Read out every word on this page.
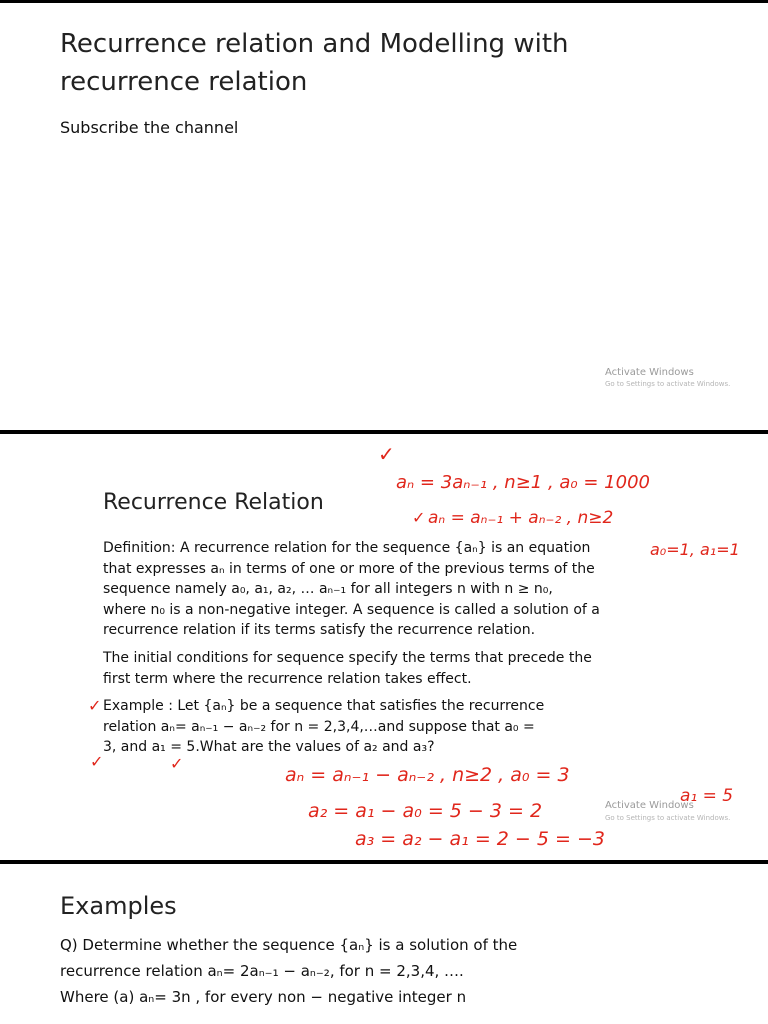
Recurrence relation and Modelling with
recurrence relation
Subscribe the channel
Activate Windows
Go to Settings to activate Windows.
✓
aₙ = 3aₙ₋₁ , n≥1 , a₀ = 1000
✓ aₙ = aₙ₋₁ + aₙ₋₂ , n≥2
a₀=1, a₁=1
Recurrence Relation
Definition: A recurrence relation for the sequence {aₙ} is an equation
that expresses aₙ in terms of one or more of the previous terms of the
sequence namely a₀, a₁, a₂, … aₙ₋₁ for all integers n with n ≥ n₀,
where n₀ is a non-negative integer. A sequence is called a solution of a
recurrence relation if its terms satisfy the recurrence relation.
The initial conditions for sequence specify the terms that precede the
first term where the recurrence relation takes effect.
✓ Example : Let {aₙ} be a sequence that satisfies the recurrence
relation aₙ= aₙ₋₁ − aₙ₋₂ for n = 2,3,4,…and suppose that a₀ =
3, and a₁ = 5.What are the values of a₂ and a₃?
✓	✓
aₙ = aₙ₋₁ − aₙ₋₂ , n≥2 , a₀ = 3
a₁ = 5
a₂ = a₁ − a₀ = 5 − 3 = 2
a₃ = a₂ − a₁ = 2 − 5 = −3
Activate Windows
Go to Settings to activate Windows.
Examples
Q) Determine whether the sequence {aₙ} is a solution of the
recurrence relation aₙ= 2aₙ₋₁ − aₙ₋₂, for n = 2,3,4, ….
Where (a) aₙ= 3n , for every non − negative integer n
